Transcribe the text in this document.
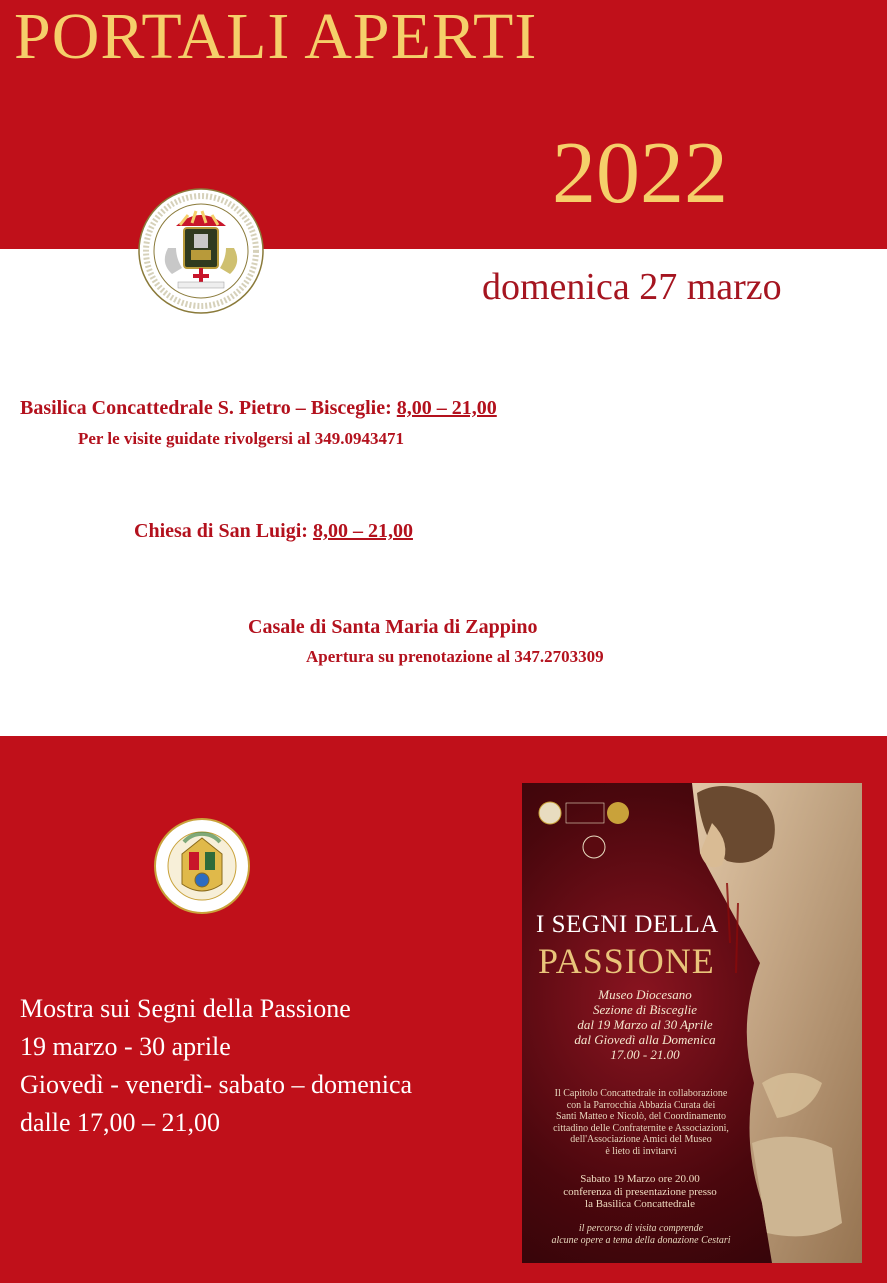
PORTALI APERTI
2022
domenica 27 marzo
Basilica Concattedrale S. Pietro – Bisceglie: 8,00 – 21,00
Per le visite guidate rivolgersi al 349.0943471
Chiesa di San Luigi: 8,00 – 21,00
Casale di Santa Maria di Zappino
Apertura su prenotazione al 347.2703309
Mostra sui Segni della Passione
19 marzo - 30 aprile
Giovedì - venerdì- sabato – domenica
dalle 17,00 – 21,00
I SEGNI DELLA
PASSIONE
Museo Diocesano
Sezione di Bisceglie
dal 19 Marzo al 30 Aprile
dal Giovedì alla Domenica
17.00 - 21.00
Il Capitolo Concattedrale in collaborazione
con la Parrocchia Abbazia Curata dei
Santi Matteo e Nicolò, del Coordinamento
cittadino delle Confraternite e Associazioni,
dell'Associazione Amici del Museo
è lieto di invitarvi
Sabato 19 Marzo ore 20.00
conferenza di presentazione presso
la Basilica Concattedrale
il percorso di visita comprende
alcune opere a tema della donazione Cestari
